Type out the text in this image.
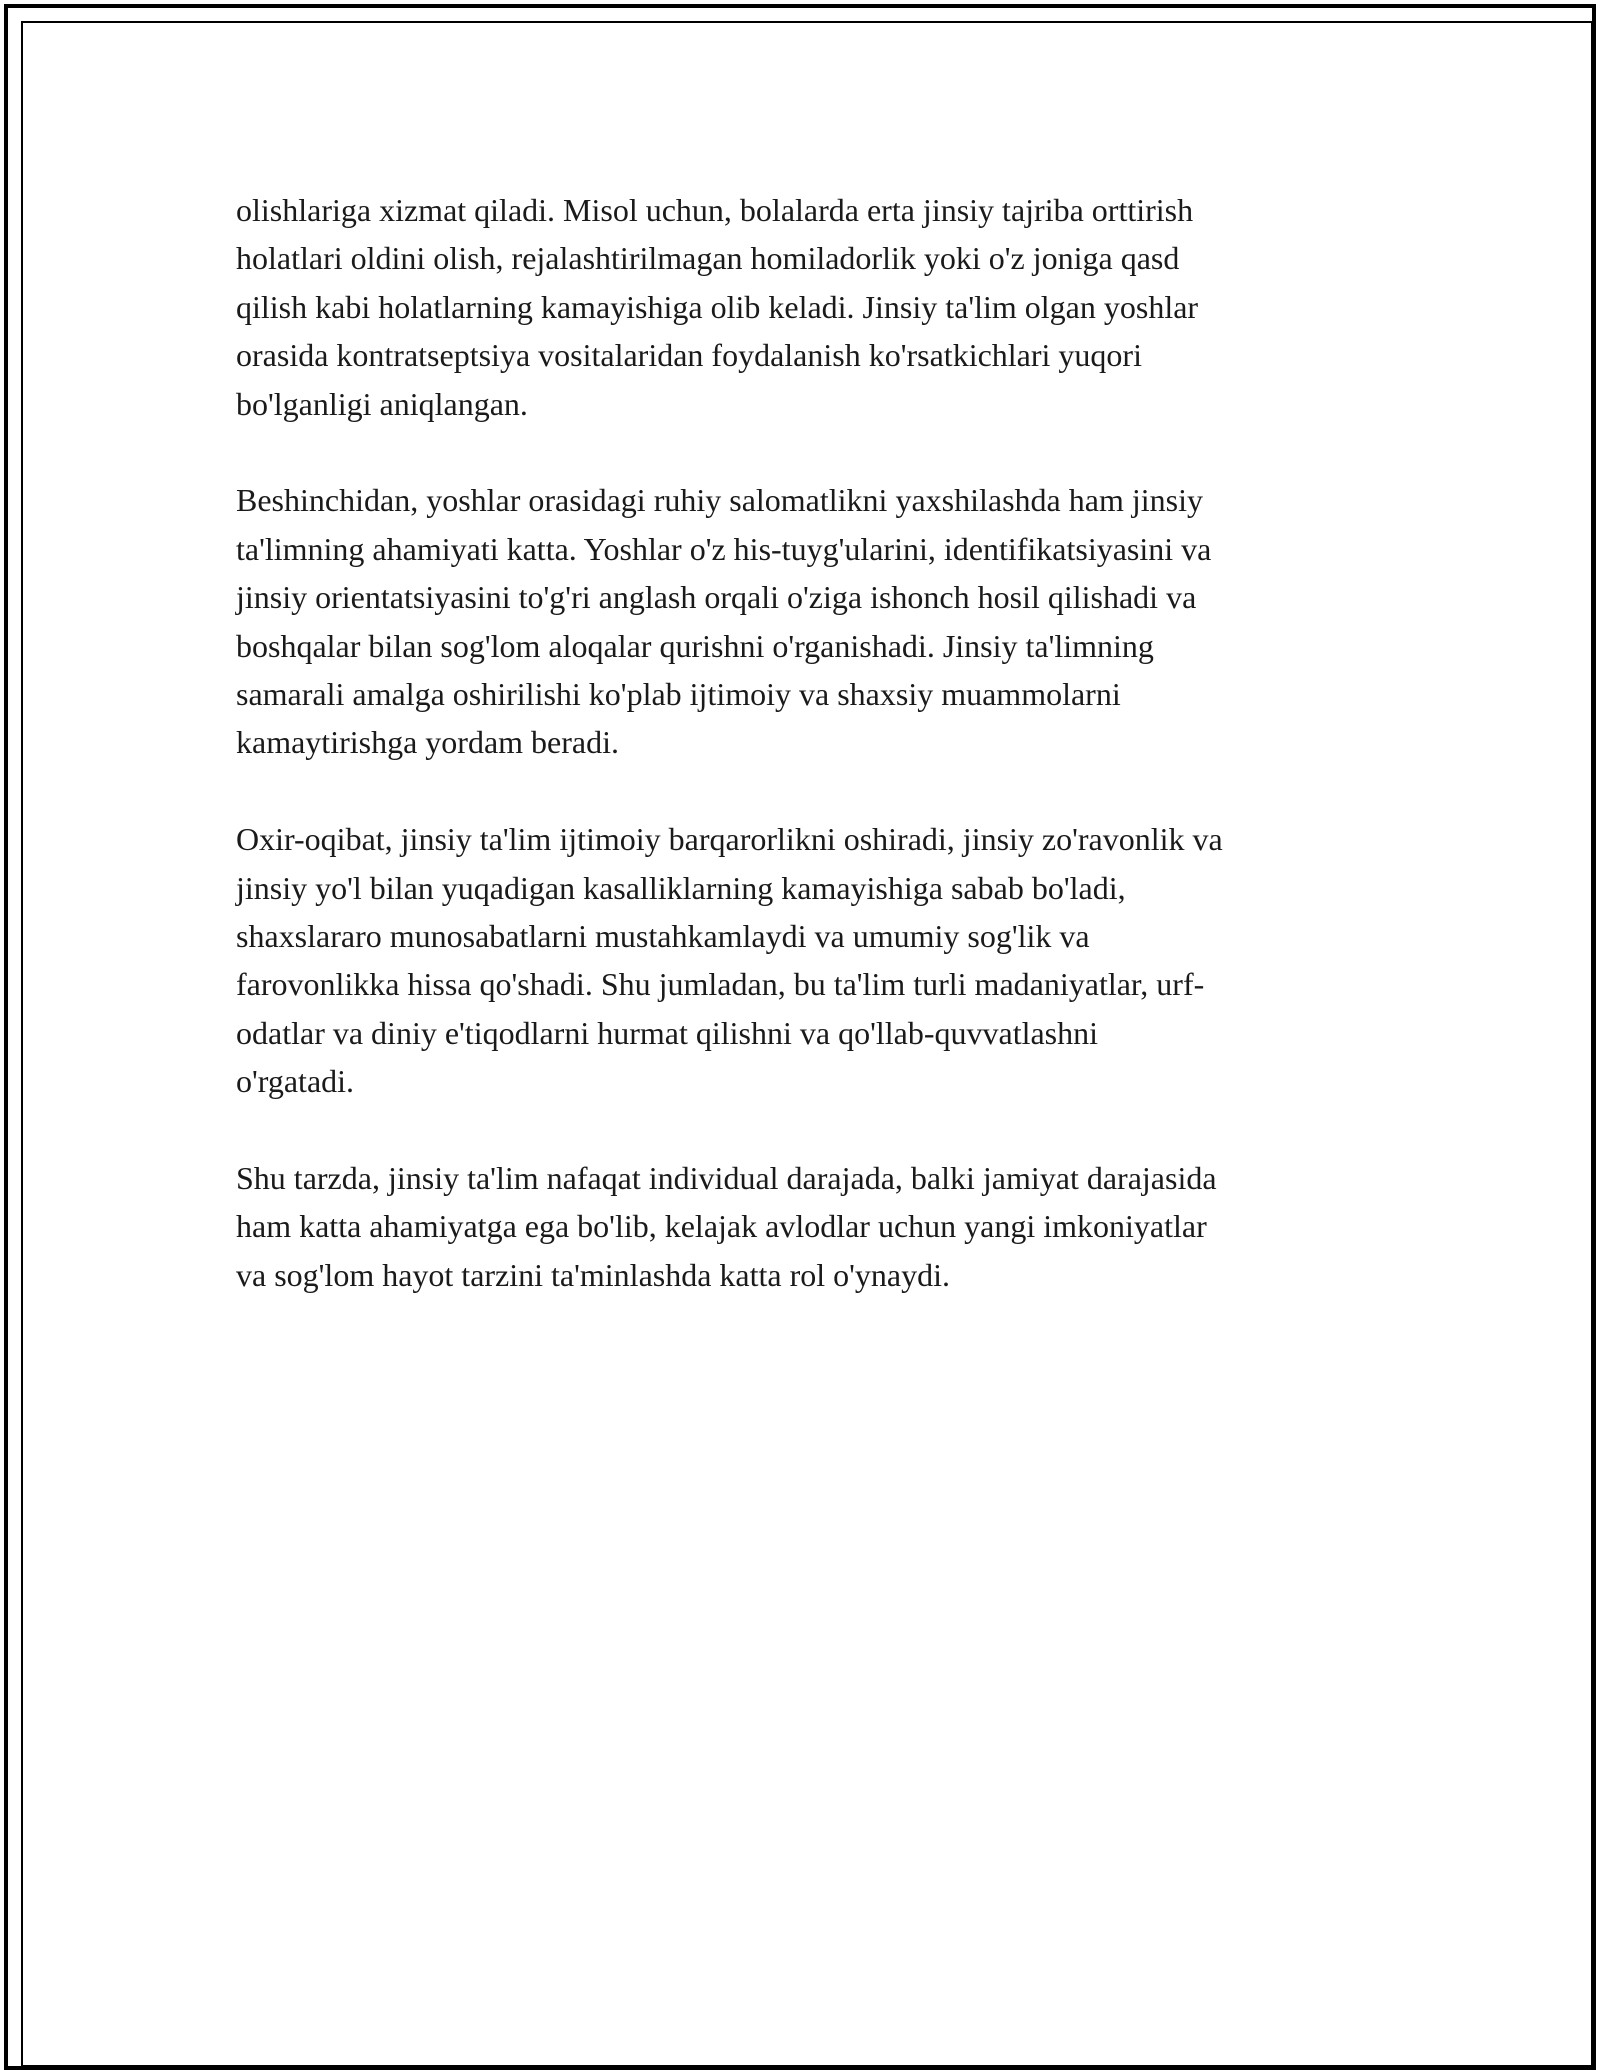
olishlariga xizmat qiladi. Misol uchun, bolalarda erta jinsiy tajriba orttirish
holatlari oldini olish, rejalashtirilmagan homiladorlik yoki o'z joniga qasd
qilish kabi holatlarning kamayishiga olib keladi. Jinsiy ta'lim olgan yoshlar
orasida kontratseptsiya vositalaridan foydalanish ko'rsatkichlari yuqori
bo'lganligi aniqlangan.

Beshinchidan, yoshlar orasidagi ruhiy salomatlikni yaxshilashda ham jinsiy
ta'limning ahamiyati katta. Yoshlar o'z his-tuyg'ularini, identifikatsiyasini va
jinsiy orientatsiyasini to'g'ri anglash orqali o'ziga ishonch hosil qilishadi va
boshqalar bilan sog'lom aloqalar qurishni o'rganishadi. Jinsiy ta'limning
samarali amalga oshirilishi ko'plab ijtimoiy va shaxsiy muammolarni
kamaytirishga yordam beradi.

Oxir-oqibat, jinsiy ta'lim ijtimoiy barqarorlikni oshiradi, jinsiy zo'ravonlik va
jinsiy yo'l bilan yuqadigan kasalliklarning kamayishiga sabab bo'ladi,
shaxslararo munosabatlarni mustahkamlaydi va umumiy sog'lik va
farovonlikka hissa qo'shadi. Shu jumladan, bu ta'lim turli madaniyatlar, urf-
odatlar va diniy e'tiqodlarni hurmat qilishni va qo'llab-quvvatlashni
o'rgatadi.

Shu tarzda, jinsiy ta'lim nafaqat individual darajada, balki jamiyat darajasida
ham katta ahamiyatga ega bo'lib, kelajak avlodlar uchun yangi imkoniyatlar
va sog'lom hayot tarzini ta'minlashda katta rol o'ynaydi.
